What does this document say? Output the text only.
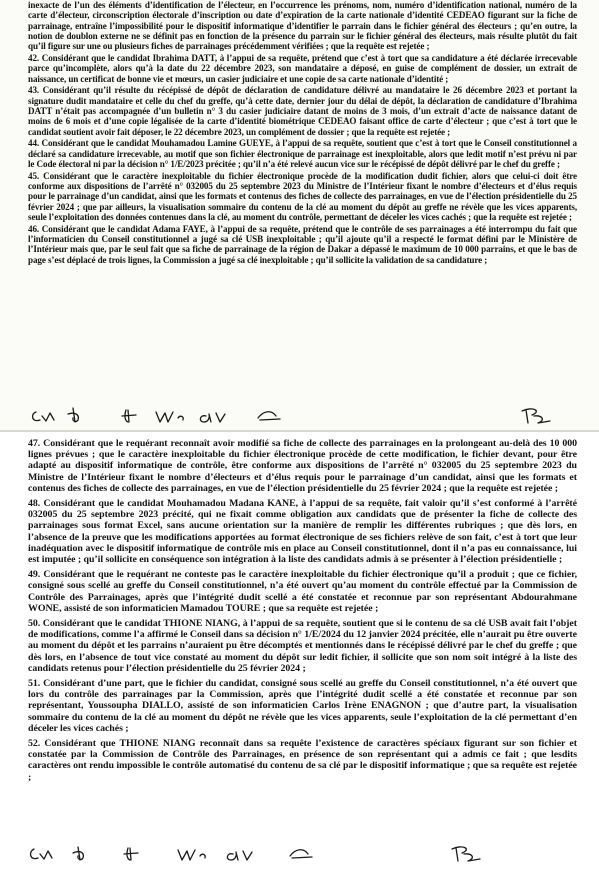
inexacte de l’un des éléments d’identification de l’électeur, en l’occurrence les prénoms, nom, numéro d’identification national, numéro de la carte d’électeur, circonscription électorale d’inscription ou date d’expiration de la carte nationale d’identité CEDEAO figurant sur la fiche de parrainage, entraîne l’impossibilité pour le dispositif informatique d’identifier le parrain dans le fichier général des électeurs ; qu’en outre, la notion de doublon externe ne se définit pas en fonction de la présence du parrain sur le fichier général des électeurs, mais résulte plutôt du fait qu’il figure sur une ou plusieurs fiches de parrainages précédemment vérifiées ; que la requête est rejetée ;

42. Considérant que le candidat Ibrahima DATT, à l’appui de sa requête, prétend que c’est à tort que sa candidature a été déclarée irrecevable parce qu’incomplète, alors qu’à la date du 22 décembre 2023, son mandataire a déposé, en guise de complément de dossier, un extrait de naissance, un certificat de bonne vie et mœurs, un casier judiciaire et une copie de sa carte nationale d’identité ;

43. Considérant qu’il résulte du récépissé de dépôt de déclaration de candidature délivré au mandataire le 26 décembre 2023 et portant la signature dudit mandataire et celle du chef du greffe, qu’à cette date, dernier jour du délai de dépôt, la déclaration de candidature d’Ibrahima DATT n’était pas accompagnée d’un bulletin n° 3 du casier judiciaire datant de moins de 3 mois, d’un extrait d’acte de naissance datant de moins de 6 mois et d’une copie légalisée de la carte d’identité biométrique CEDEAO faisant office de carte d’électeur ; que c’est à tort que le candidat soutient avoir fait déposer, le 22 décembre 2023, un complément de dossier ; que la requête est rejetée ;

44. Considérant que le candidat Mouhamadou Lamine GUEYE, à l’appui de sa requête, soutient que c’est à tort que le Conseil constitutionnel a déclaré sa candidature irrecevable, au motif que son fichier électronique de parrainage est inexploitable, alors que ledit motif n’est prévu ni par le Code électoral ni par la décision n° 1/E/2023 précitée ; qu’il n’a été relevé aucun vice sur le récépissé de dépôt délivré par le chef du greffe ;

45. Considérant que le caractère inexploitable du fichier électronique procède de la modification dudit fichier, alors que celui-ci doit être conforme aux dispositions de l’arrêté n° 032005 du 25 septembre 2023 du Ministre de l’Intérieur fixant le nombre d’électeurs et d’élus requis pour le parrainage d’un candidat, ainsi que les formats et contenus des fiches de collecte des parrainages, en vue de l’élection présidentielle du 25 février 2024 ; que par ailleurs, la visualisation sommaire du contenu de la clé au moment du dépôt au greffe ne révèle que les vices apparents, seule l’exploitation des données contenues dans la clé, au moment du contrôle, permettant de déceler les vices cachés ; que la requête est rejetée ;

46. Considérant que le candidat Adama FAYE, à l’appui de sa requête, prétend que le contrôle de ses parrainages a été interrompu du fait que l’informaticien du Conseil constitutionnel a jugé sa clé USB inexploitable ; qu’il ajoute qu’il a respecté le format défini par le Ministère de l’Intérieur mais que, par le seul fait que sa fiche de parrainage de la région de Dakar a dépassé le maximum de 10 000 parrains, et que le bas de page s’est déplacé de trois lignes, la Commission a jugé sa clé inexploitable ; qu’il sollicite la validation de sa candidature ;

47. Considérant que le requérant reconnaît avoir modifié sa fiche de collecte des parrainages en la prolongeant au-delà des 10 000 lignes prévues ; que le caractère inexploitable du fichier électronique procède de cette modification, le fichier devant, pour être adapté au dispositif informatique de contrôle, être conforme aux dispositions de l’arrêté n° 032005 du 25 septembre 2023 du Ministre de l’Intérieur fixant le nombre d’électeurs et d’élus requis pour le parrainage d’un candidat, ainsi que les formats et contenus des fiches de collecte des parrainages, en vue de l’élection présidentielle du 25 février 2024 ; que la requête est rejetée ;

48. Considérant que le candidat Mouhamadou Madana KANE, à l’appui de sa requête, fait valoir qu’il s’est conformé à l’arrêté 032005 du 25 septembre 2023 précité, qui ne fixait comme obligation aux candidats que de présenter la fiche de collecte des parrainages sous format Excel, sans aucune orientation sur la manière de remplir les différentes rubriques ; que dès lors, en l’absence de la preuve que les modifications apportées au format électronique de ses fichiers relève de son fait, c’est à tort que leur inadéquation avec le dispositif informatique de contrôle mis en place au Conseil constitutionnel, dont il n’a pas eu connaissance, lui est imputée ; qu’il sollicite en conséquence son intégration à la liste des candidats admis à se présenter à l’élection présidentielle ;

49. Considérant que le requérant ne conteste pas le caractère inexploitable du fichier électronique qu’il a produit ; que ce fichier, consigné sous scellé au greffe du Conseil constitutionnel, n’a été ouvert qu’au moment du contrôle effectué par la Commission de Contrôle des Parrainages, après que l’intégrité dudit scellé a été constatée et reconnue par son représentant Abdourahmane WONE, assisté de son informaticien Mamadou TOURE ; que sa requête est rejetée ;

50. Considérant que le candidat THIONE NIANG, à l’appui de sa requête, soutient que si le contenu de sa clé USB avait fait l’objet de modifications, comme l’a affirmé le Conseil dans sa décision n° 1/E/2024 du 12 janvier 2024 précitée, elle n’aurait pu être ouverte au moment du dépôt et les parrains n’auraient pu être décomptés et mentionnés dans le récépissé délivré par le chef du greffe ; que dès lors, en l’absence de tout vice constaté au moment du dépôt sur ledit fichier, il sollicite que son nom soit intégré à la liste des candidats retenus pour l’élection présidentielle du 25 février 2024 ;

51. Considérant d’une part, que le fichier du candidat, consigné sous scellé au greffe du Conseil constitutionnel, n’a été ouvert que lors du contrôle des parrainages par la Commission, après que l’intégrité dudit scellé a été constatée et reconnue par son représentant, Youssoupha DIALLO, assisté de son informaticien Carlos Irène ENAGNON ; que d’autre part, la visualisation sommaire du contenu de la clé au moment du dépôt ne révèle que les vices apparents, seule l’exploitation de la clé permettant d’en déceler les vices cachés ;

52. Considérant que THIONE NIANG reconnaît dans sa requête l’existence de caractères spéciaux figurant sur son fichier et constatée par la Commission de Contrôle des Parrainages, en présence de son représentant qui a admis ce fait ; que lesdits caractères ont rendu impossible le contrôle automatisé du contenu de sa clé par le dispositif informatique ; que sa requête est rejetée ;
